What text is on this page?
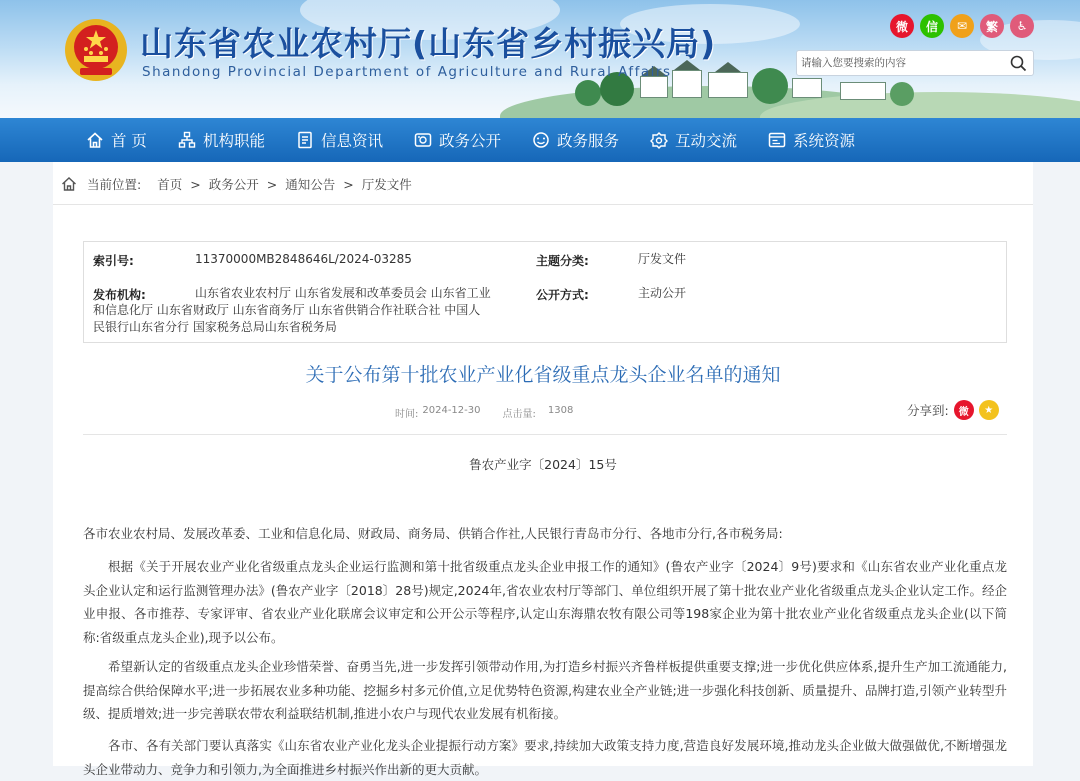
山东省农业农村厅(山东省乡村振兴局)
Shandong Provincial Department of Agriculture and Rural Affairs
微	信	✉	繁	♿
请输入您要搜索的内容
首 页	机构职能	信息资讯	政务公开	政务服务	互动交流	系统资源
当前位置: 首页 > 政务公开 > 通知公告 > 厅发文件
索引号:	11370000MB2848646L/2024-03285	主题分类:	厅发文件
发布机构:	山东省农业农村厅 山东省发展和改革委员会 山东省工业
和信息化厅 山东省财政厅 山东省商务厅 山东省供销合作社联合社 中国人
民银行山东省分行 国家税务总局山东省税务局
公开方式:	主动公开
关于公布第十批农业产业化省级重点龙头企业名单的通知
时间: 2024-12-30 点击量: 1308	分享到:	微	★
鲁农产业字〔2024〕15号

各市农业农村局、发展改革委、工业和信息化局、财政局、商务局、供销合作社,人民银行青岛市分行、各地市分行,各市税务局:

根据《关于开展农业产业化省级重点龙头企业运行监测和第十批省级重点龙头企业申报工作的通知》(鲁农产业字〔2024〕9号)要求和《山东省农业产业化重点龙头企业认定和运行监测管理办法》(鲁农产业字〔2018〕28号)规定,2024年,省农业农村厅等部门、单位组织开展了第十批农业产业化省级重点龙头企业认定工作。经企业申报、各市推荐、专家评审、省农业产业化联席会议审定和公开公示等程序,认定山东海鼎农牧有限公司等198家企业为第十批农业产业化省级重点龙头企业(以下简称:省级重点龙头企业),现予以公布。

希望新认定的省级重点龙头企业珍惜荣誉、奋勇当先,进一步发挥引领带动作用,为打造乡村振兴齐鲁样板提供重要支撑;进一步优化供应体系,提升生产加工流通能力,提高综合供给保障水平;进一步拓展农业多种功能、挖掘乡村多元价值,立足优势特色资源,构建农业全产业链;进一步强化科技创新、质量提升、品牌打造,引领产业转型升级、提质增效;进一步完善联农带农利益联结机制,推进小农户与现代农业发展有机衔接。

各市、各有关部门要认真落实《山东省农业产业化龙头企业提振行动方案》要求,持续加大政策支持力度,营造良好发展环境,推动龙头企业做大做强做优,不断增强龙头企业带动力、竞争力和引领力,为全面推进乡村振兴作出新的更大贡献。
